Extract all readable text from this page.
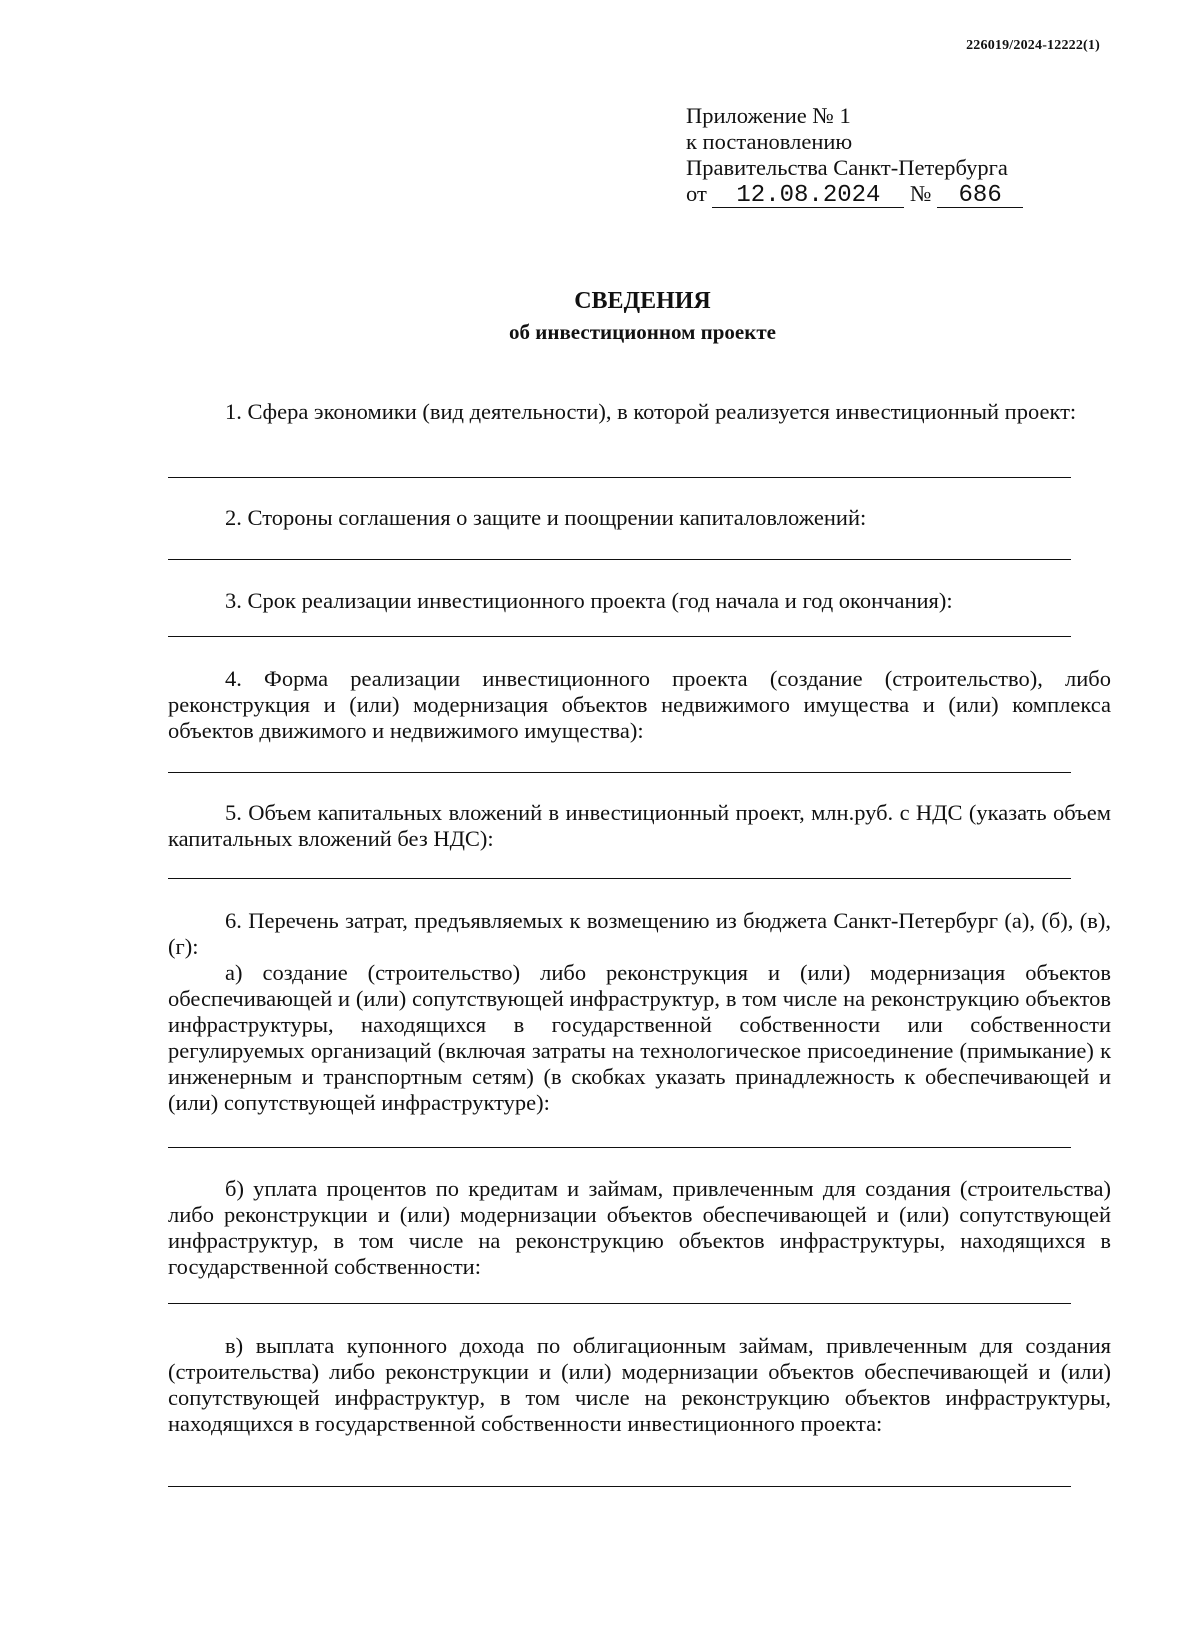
226019/2024-12222(1)
Приложение № 1
к постановлению
Правительства Санкт-Петербурга
от 12.08.2024 № 686
СВЕДЕНИЯ
об инвестиционном проекте

1. Сфера экономики (вид деятельности), в которой реализуется инвестиционный проект:

2. Стороны соглашения о защите и поощрении капиталовложений:

3. Срок реализации инвестиционного проекта (год начала и год окончания):

4. Форма реализации инвестиционного проекта (создание (строительство), либо реконструкция и (или) модернизация объектов недвижимого имущества и (или) комплекса объектов движимого и недвижимого имущества):

5. Объем капитальных вложений в инвестиционный проект, млн.руб. с НДС (указать объем капитальных вложений без НДС):

6. Перечень затрат, предъявляемых к возмещению из бюджета Санкт-Петербург (а), (б), (в), (г):

а) создание (строительство) либо реконструкция и (или) модернизация объектов обеспечивающей и (или) сопутствующей инфраструктур, в том числе на реконструкцию объектов инфраструктуры, находящихся в государственной собственности или собственности регулируемых организаций (включая затраты на технологическое присоединение (примыкание) к инженерным и транспортным сетям) (в скобках указать принадлежность к обеспечивающей и (или) сопутствующей инфраструктуре):

б) уплата процентов по кредитам и займам, привлеченным для создания (строительства) либо реконструкции и (или) модернизации объектов обеспечивающей и (или) сопутствующей инфраструктур, в том числе на реконструкцию объектов инфраструктуры, находящихся в государственной собственности:

в) выплата купонного дохода по облигационным займам, привлеченным для создания (строительства) либо реконструкции и (или) модернизации объектов обеспечивающей и (или) сопутствующей инфраструктур, в том числе на реконструкцию объектов инфраструктуры, находящихся в государственной собственности инвестиционного проекта:
